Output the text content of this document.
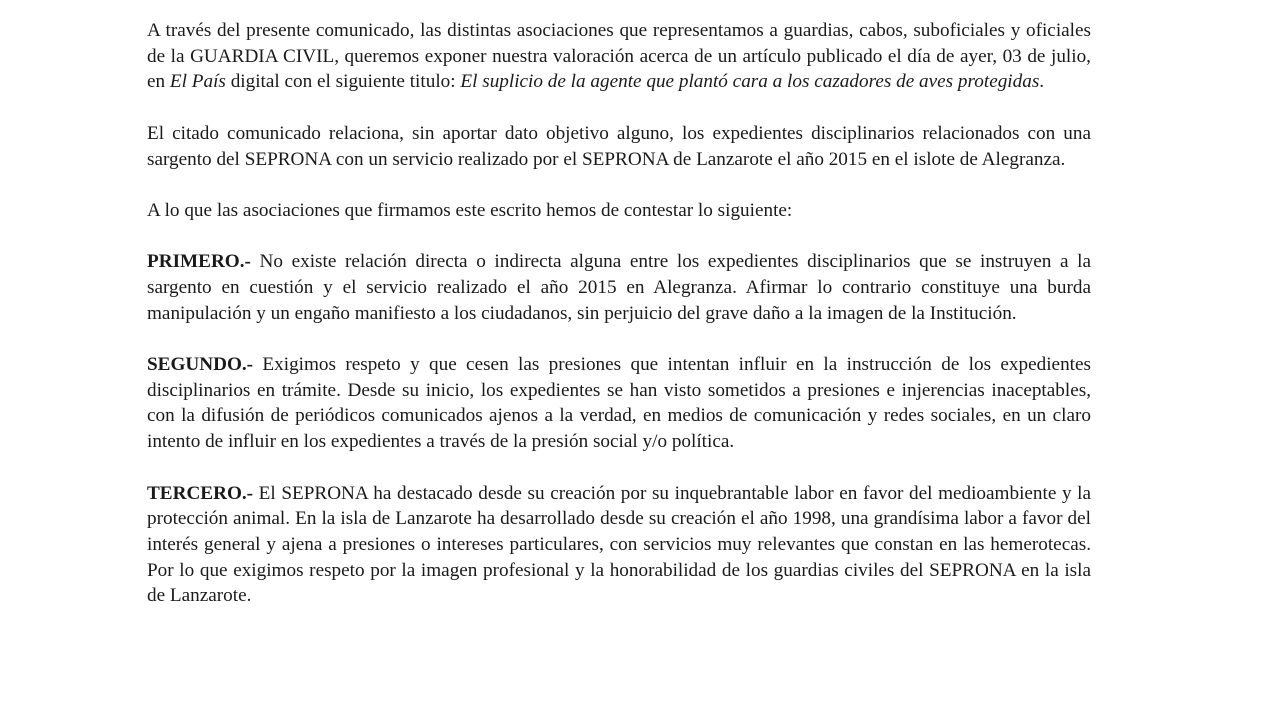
A través del presente comunicado, las distintas asociaciones que representamos a guardias, cabos, suboficiales y oficiales de la GUARDIA CIVIL, queremos exponer nuestra valoración acerca de un artículo publicado el día de ayer, 03 de julio, en El País digital con el siguiente titulo: El suplicio de la agente que plantó cara a los cazadores de aves protegidas.

El citado comunicado relaciona, sin aportar dato objetivo alguno, los expedientes disciplinarios relacionados con una sargento del SEPRONA con un servicio realizado por el SEPRONA de Lanzarote el año 2015 en el islote de Alegranza.

A lo que las asociaciones que firmamos este escrito hemos de contestar lo siguiente:

PRIMERO.- No existe relación directa o indirecta alguna entre los expedientes disciplinarios que se instruyen a la sargento en cuestión y el servicio realizado el año 2015 en Alegranza. Afirmar lo contrario constituye una burda manipulación y un engaño manifiesto a los ciudadanos, sin perjuicio del grave daño a la imagen de la Institución.

SEGUNDO.- Exigimos respeto y que cesen las presiones que intentan influir en la instrucción de los expedientes disciplinarios en trámite. Desde su inicio, los expedientes se han visto sometidos a presiones e injerencias inaceptables, con la difusión de periódicos comunicados ajenos a la verdad, en medios de comunicación y redes sociales, en un claro intento de influir en los expedientes a través de la presión social y/o política.

TERCERO.- El SEPRONA ha destacado desde su creación por su inquebrantable labor en favor del medioambiente y la protección animal. En la isla de Lanzarote ha desarrollado desde su creación el año 1998, una grandísima labor a favor del interés general y ajena a presiones o intereses particulares, con servicios muy relevantes que constan en las hemerotecas. Por lo que exigimos respeto por la imagen profesional y la honorabilidad de los guardias civiles del SEPRONA en la isla de Lanzarote.
